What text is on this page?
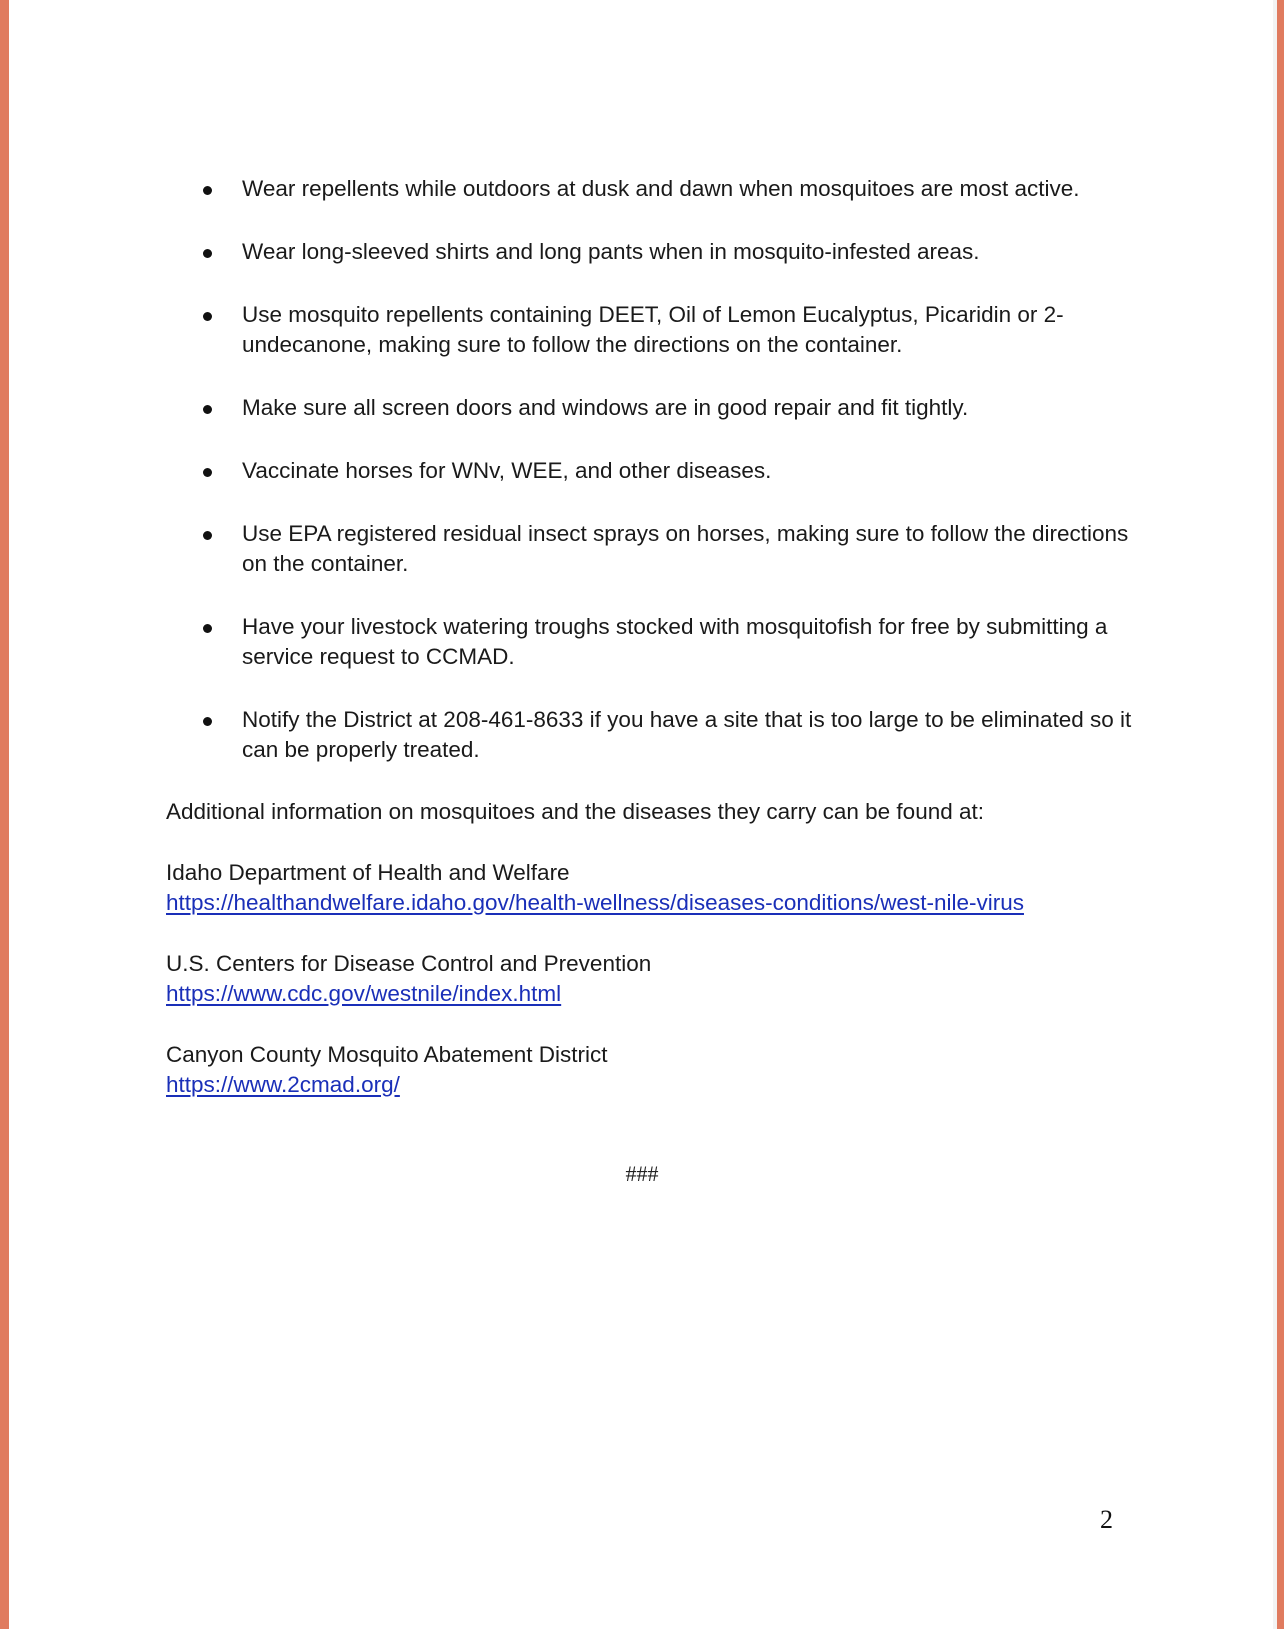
Wear repellents while outdoors at dusk and dawn when mosquitoes are most active.
Wear long-sleeved shirts and long pants when in mosquito-infested areas.
Use mosquito repellents containing DEET, Oil of Lemon Eucalyptus, Picaridin or 2-undecanone, making sure to follow the directions on the container.
Make sure all screen doors and windows are in good repair and fit tightly.
Vaccinate horses for WNv, WEE, and other diseases.
Use EPA registered residual insect sprays on horses, making sure to follow the directions on the container.
Have your livestock watering troughs stocked with mosquitofish for free by submitting a service request to CCMAD.
Notify the District at 208-461-8633 if you have a site that is too large to be eliminated so it can be properly treated.
Additional information on mosquitoes and the diseases they carry can be found at:
Idaho Department of Health and Welfare
https://healthandwelfare.idaho.gov/health-wellness/diseases-conditions/west-nile-virus
U.S. Centers for Disease Control and Prevention
https://www.cdc.gov/westnile/index.html
Canyon County Mosquito Abatement District
https://www.2cmad.org/
###
2
